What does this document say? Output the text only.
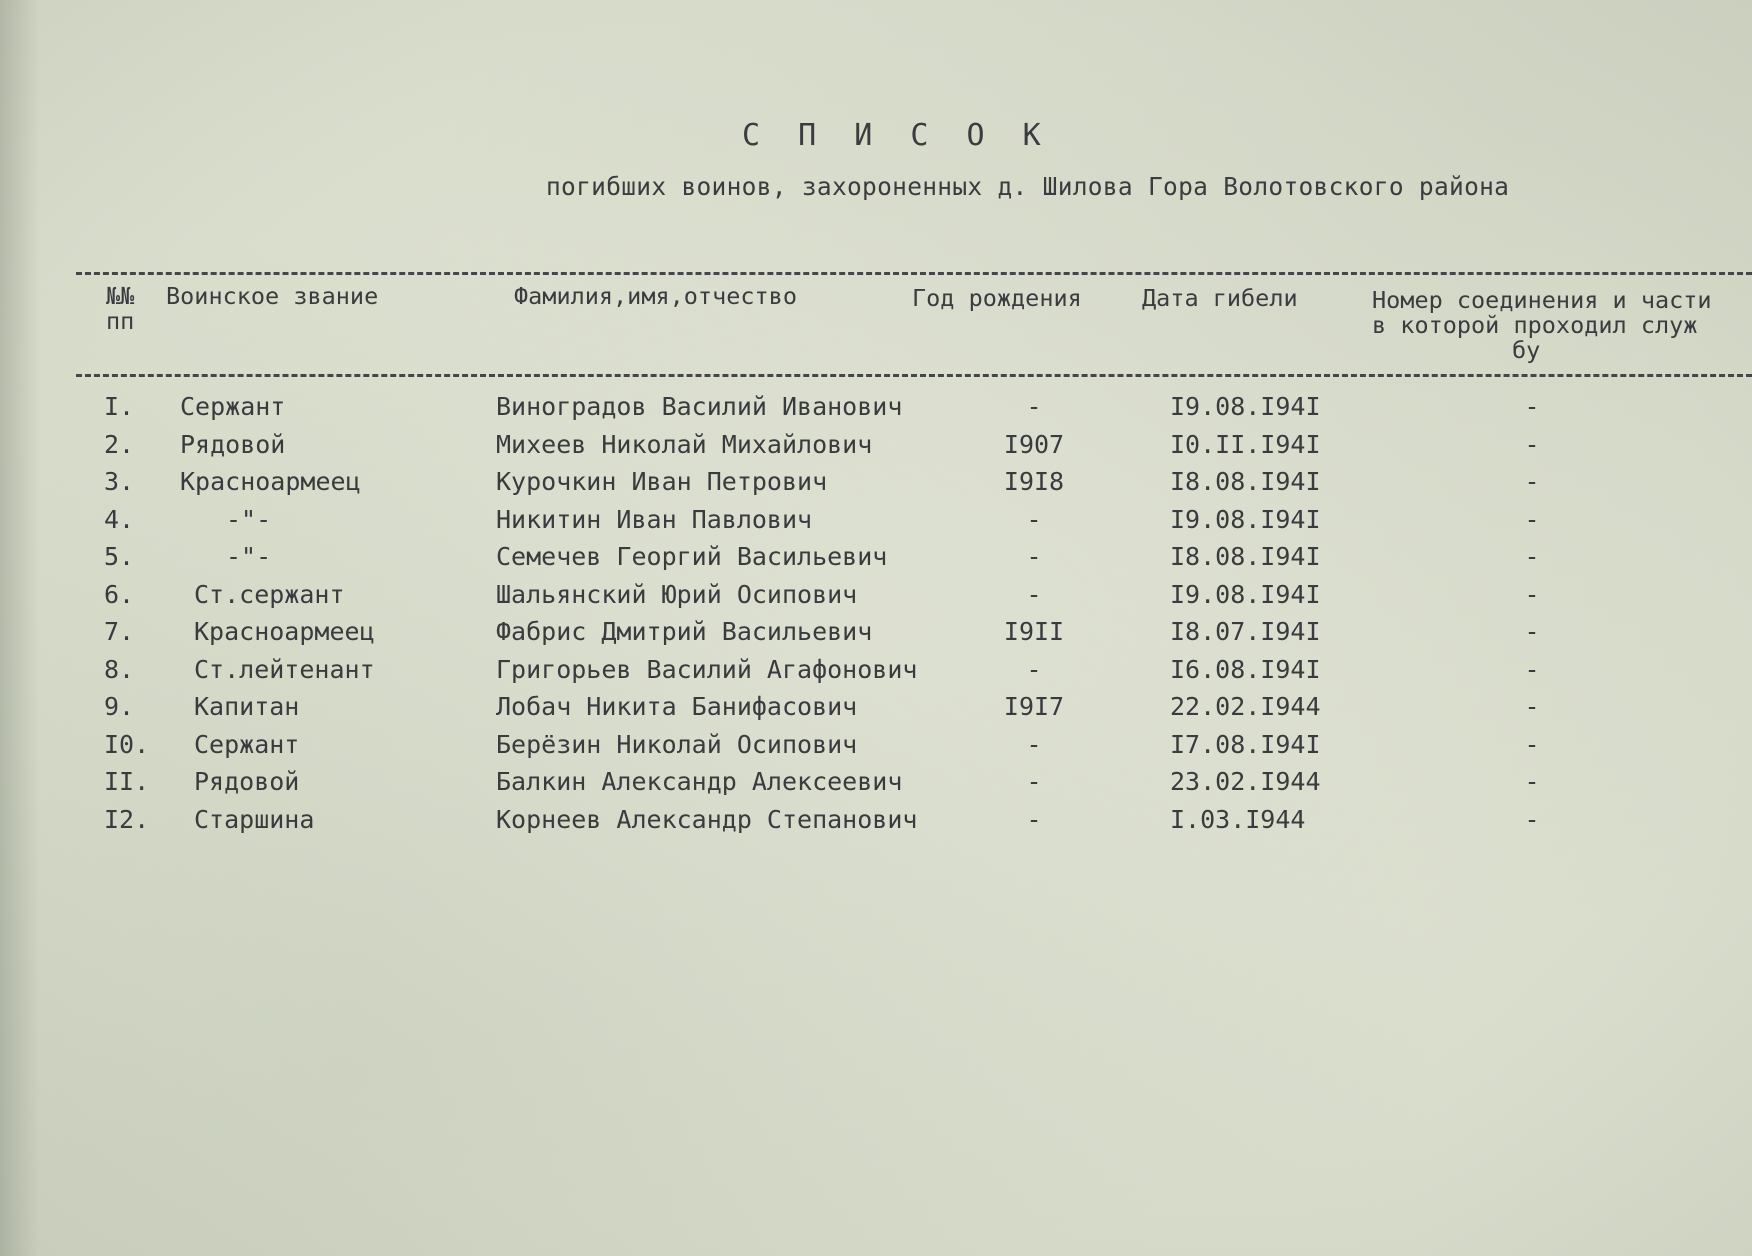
С П И С О К
погибших воинов, захороненных д. Шилова Гора Волотовского района
№№
пп
Воинское звание	Фамилия,имя,отчество	Год рождения	Дата гибели	Номер соединения и части
в которой проходил служ
бу
I. Сержант	Виноградов Василий Иванович	-	I9.08.I94I	-
2. Рядовой	Михеев Николай Михайлович	I907	I0.II.I94I	-
3. Красноармеец	Курочкин Иван Петрович	I9I8	I8.08.I94I	-
4.	-"-	Никитин Иван Павлович	-	I9.08.I94I	-
5.	-"-	Семечев Георгий Васильевич	-	I8.08.I94I	-
6. Ст.сержант	Шальянский Юрий Осипович	-	I9.08.I94I	-
7. Красноармеец	Фабрис Дмитрий Васильевич	I9II	I8.07.I94I	-
8. Ст.лейтенант	Григорьев Василий Агафонович	-	I6.08.I94I	-
9. Капитан	Лобач Никита Банифасович	I9I7	22.02.I944	-
I0. Сержант	Берёзин Николай Осипович	-	I7.08.I94I	-
II. Рядовой	Балкин Александр Алексеевич	-	23.02.I944	-
I2. Старшина	Корнеев Александр Степанович	-	I.03.I944	-
